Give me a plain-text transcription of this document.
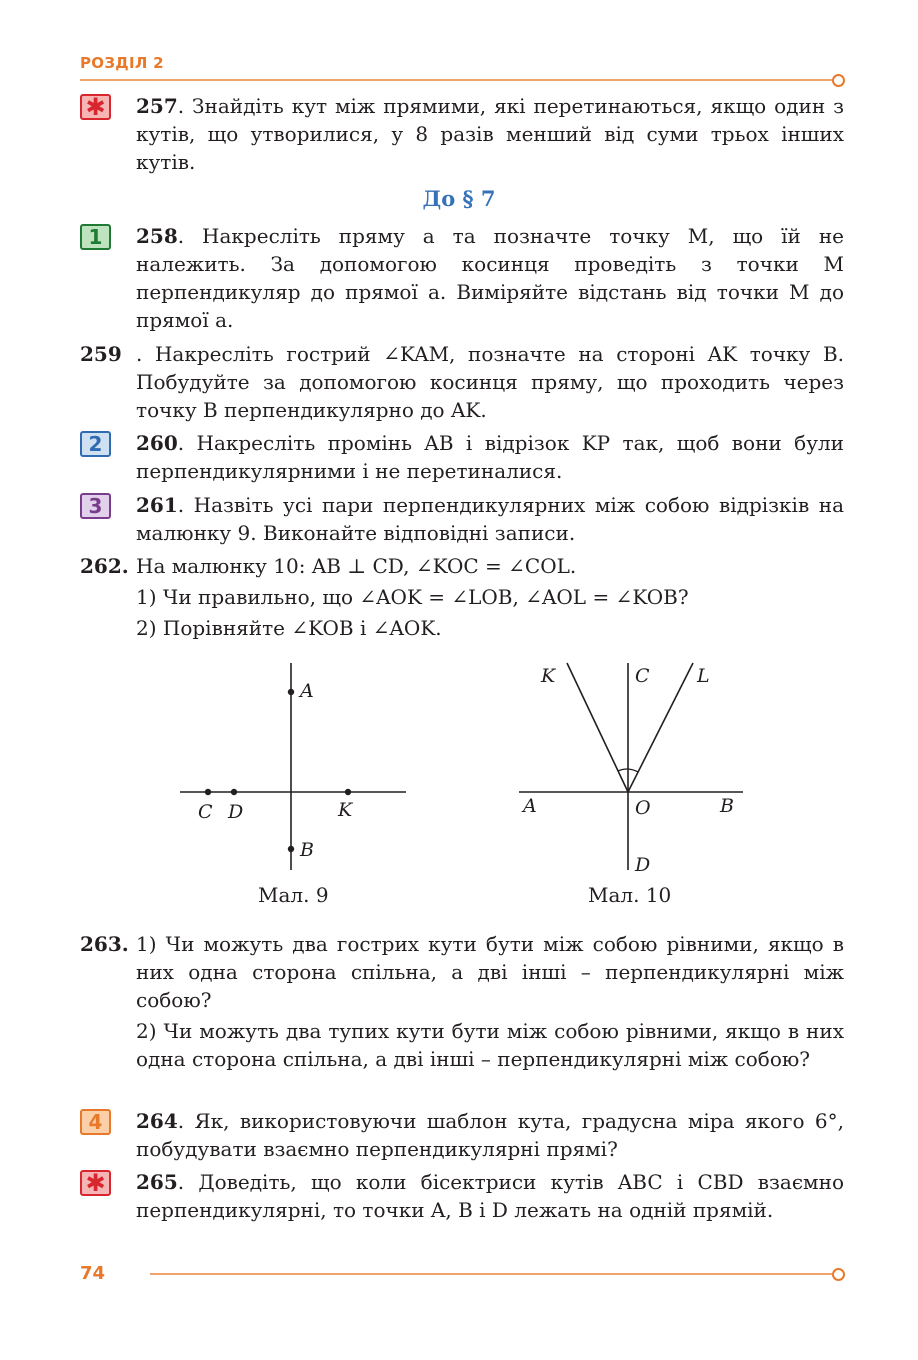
РОЗДІЛ 2
✱ 257. Знайдіть кут між прямими, які перетинаються, якщо один з кутів, що утворилися, у 8 разів менший від суми трьох інших кутів.
До § 7
1	258. Накресліть пряму a та позначте точку M, що їй не належить. За допомогою косинця проведіть з точки M перпендикуляр до прямої a. Виміряйте відстань від точки M до прямої a.
259 . Накресліть гострий ∠KAM, позначте на стороні AK точку B. Побудуйте за допомогою косинця пряму, що проходить через точку B перпендикулярно до AK.
2	260. Накресліть промінь AB і відрізок KP так, щоб вони були перпендикулярними і не перетиналися.
3	261. Назвіть усі пари перпендикулярних між собою відрізків на малюнку 9. Виконайте відповідні записи.
262. На малюнку 10: AB ⊥ CD, ∠KOC = ∠COL.
1) Чи правильно, що ∠AOK = ∠LOB, ∠AOL = ∠KOB?
2) Порівняйте ∠KOB і ∠AOK.
A
B
C D	K
Мал. 9
K	C L
A	O	B
D
Мал. 10
263. 1) Чи можуть два гострих кути бути між собою рівними, якщо в них одна сторона спільна, а дві інші – перпендикулярні між собою?
2) Чи можуть два тупих кути бути між собою рівними, якщо в них одна сторона спільна, а дві інші – перпендикулярні між собою?
4	264. Як, використовуючи шаблон кута, градусна міра якого 6°, побудувати взаємно перпендикулярні прямі?
✱ 265. Доведіть, що коли бісектриси кутів ABC і CBD взаємно перпендикулярні, то точки A, B і D лежать на одній прямій.
74
